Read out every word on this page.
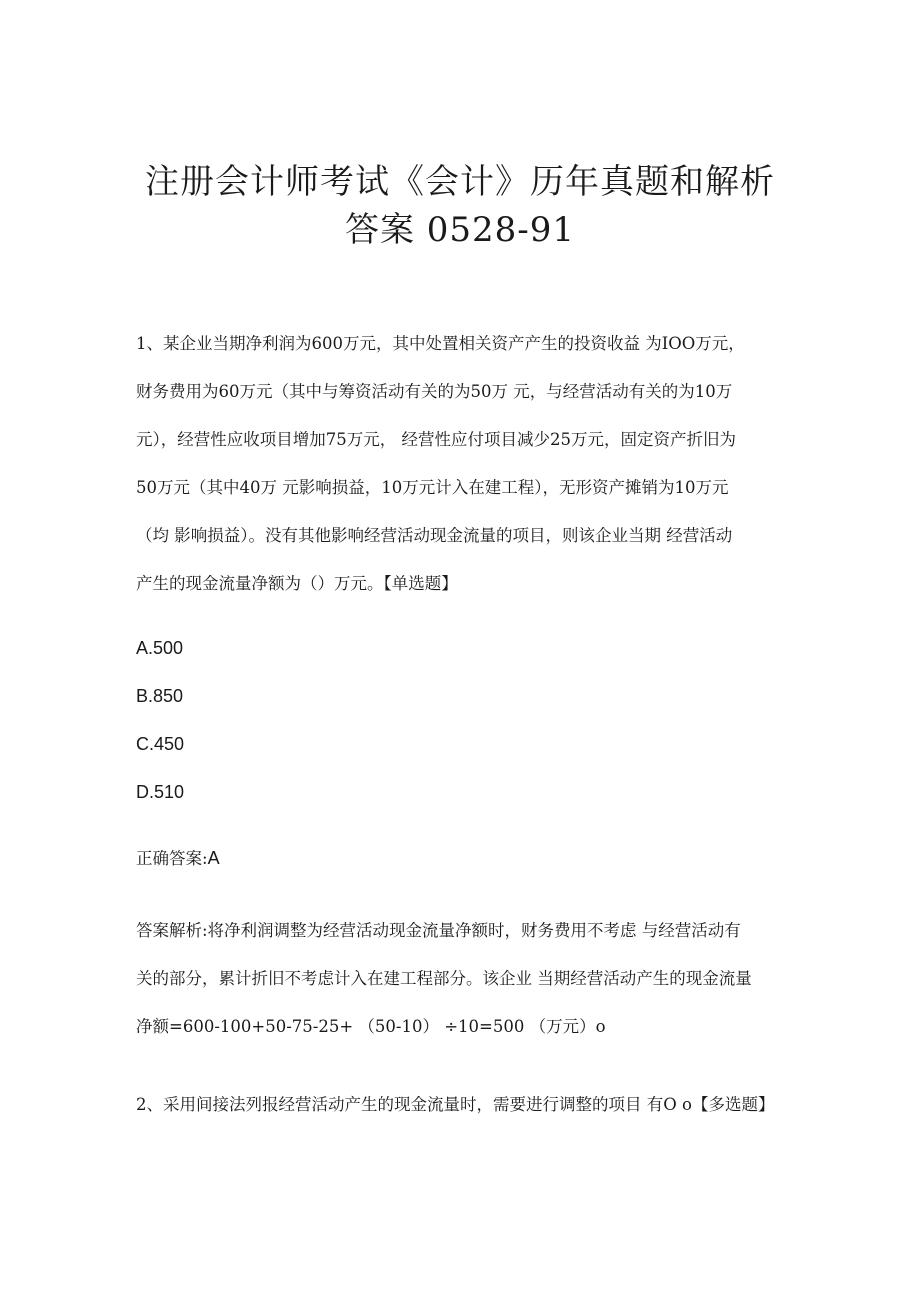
注册会计师考试《会计》历年真题和解析
答案 0528-91
1、某企业当期净利润为600万元，其中处置相关资产产生的投资收益 为IOO万元，
财务费用为60万元（其中与筹资活动有关的为50万 元，与经营活动有关的为10万
元），经营性应收项目增加75万元， 经营性应付项目减少25万元，固定资产折旧为
50万元（其中40万 元影响损益，10万元计入在建工程），无形资产摊销为10万元
（均 影响损益）。没有其他影响经营活动现金流量的项目，则该企业当期 经营活动
产生的现金流量净额为（）万元。【单选题】

A.500

B.850

C.450

D.510

正确答案:A

答案解析:将净利润调整为经营活动现金流量净额时，财务费用不考虑 与经营活动有
关的部分，累计折旧不考虑计入在建工程部分。该企业 当期经营活动产生的现金流量
净额=600-100+50-75-25+ （50-10） ÷10=500 （万元）o

2、采用间接法列报经营活动产生的现金流量时，需要进行调整的项目 有O o【多选题】
